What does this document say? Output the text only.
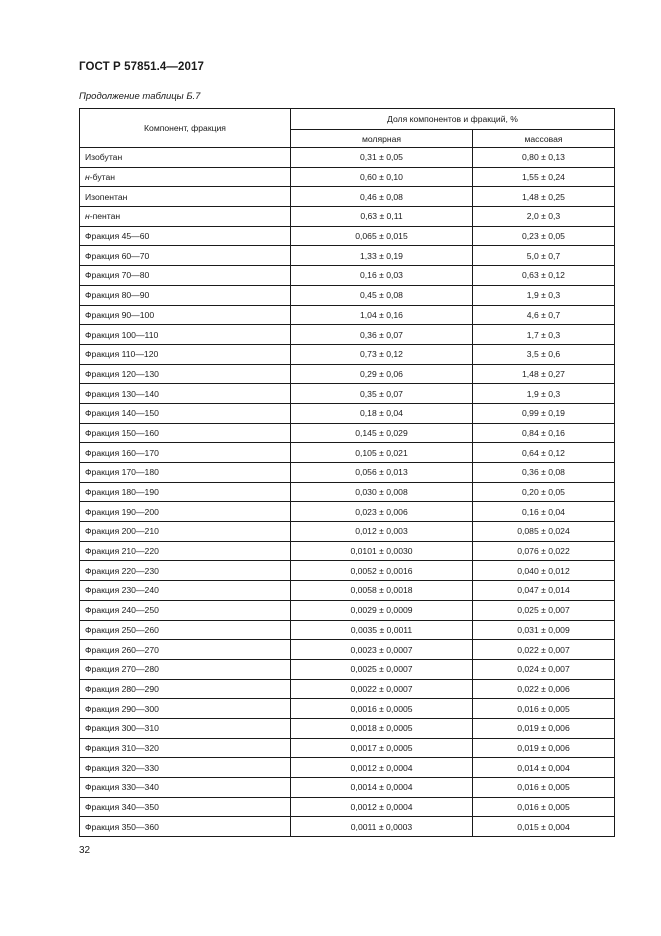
ГОСТ Р 57851.4—2017
Продолжение таблицы Б.7
Компонент, фракция	Доля компонентов и фракций, %	
	молярная	массовая
Изобутан	0,31 ± 0,05	0,80 ± 0,13
н-бутан	0,60 ± 0,10	1,55 ± 0,24
Изопентан	0,46 ± 0,08	1,48 ± 0,25
н-пентан	0,63 ± 0,11	2,0 ± 0,3
Фракция 45—60	0,065 ± 0,015	0,23 ± 0,05
Фракция 60—70	1,33 ± 0,19	5,0 ± 0,7
Фракция 70—80	0,16 ± 0,03	0,63 ± 0,12
Фракция 80—90	0,45 ± 0,08	1,9 ± 0,3
Фракция 90—100	1,04 ± 0,16	4,6 ± 0,7
Фракция 100—110	0,36 ± 0,07	1,7 ± 0,3
Фракция 110—120	0,73 ± 0,12	3,5 ± 0,6
Фракция 120—130	0,29 ± 0,06	1,48 ± 0,27
Фракция 130—140	0,35 ± 0,07	1,9 ± 0,3
Фракция 140—150	0,18 ± 0,04	0,99 ± 0,19
Фракция 150—160	0,145 ± 0,029	0,84 ± 0,16
Фракция 160—170	0,105 ± 0,021	0,64 ± 0,12
Фракция 170—180	0,056 ± 0,013	0,36 ± 0,08
Фракция 180—190	0,030 ± 0,008	0,20 ± 0,05
Фракция 190—200	0,023 ± 0,006	0,16 ± 0,04
Фракция 200—210	0,012 ± 0,003	0,085 ± 0,024
Фракция 210—220	0,0101 ± 0,0030	0,076 ± 0,022
Фракция 220—230	0,0052 ± 0,0016	0,040 ± 0,012
Фракция 230—240	0,0058 ± 0,0018	0,047 ± 0,014
Фракция 240—250	0,0029 ± 0,0009	0,025 ± 0,007
Фракция 250—260	0,0035 ± 0,0011	0,031 ± 0,009
Фракция 260—270	0,0023 ± 0,0007	0,022 ± 0,007
Фракция 270—280	0,0025 ± 0,0007	0,024 ± 0,007
Фракция 280—290	0,0022 ± 0,0007	0,022 ± 0,006
Фракция 290—300	0,0016 ± 0,0005	0,016 ± 0,005
Фракция 300—310	0,0018 ± 0,0005	0,019 ± 0,006
Фракция 310—320	0,0017 ± 0,0005	0,019 ± 0,006
Фракция 320—330	0,0012 ± 0,0004	0,014 ± 0,004
Фракция 330—340	0,0014 ± 0,0004	0,016 ± 0,005
Фракция 340—350	0,0012 ± 0,0004	0,016 ± 0,005
Фракция 350—360	0,0011 ± 0,0003	0,015 ± 0,004
32
